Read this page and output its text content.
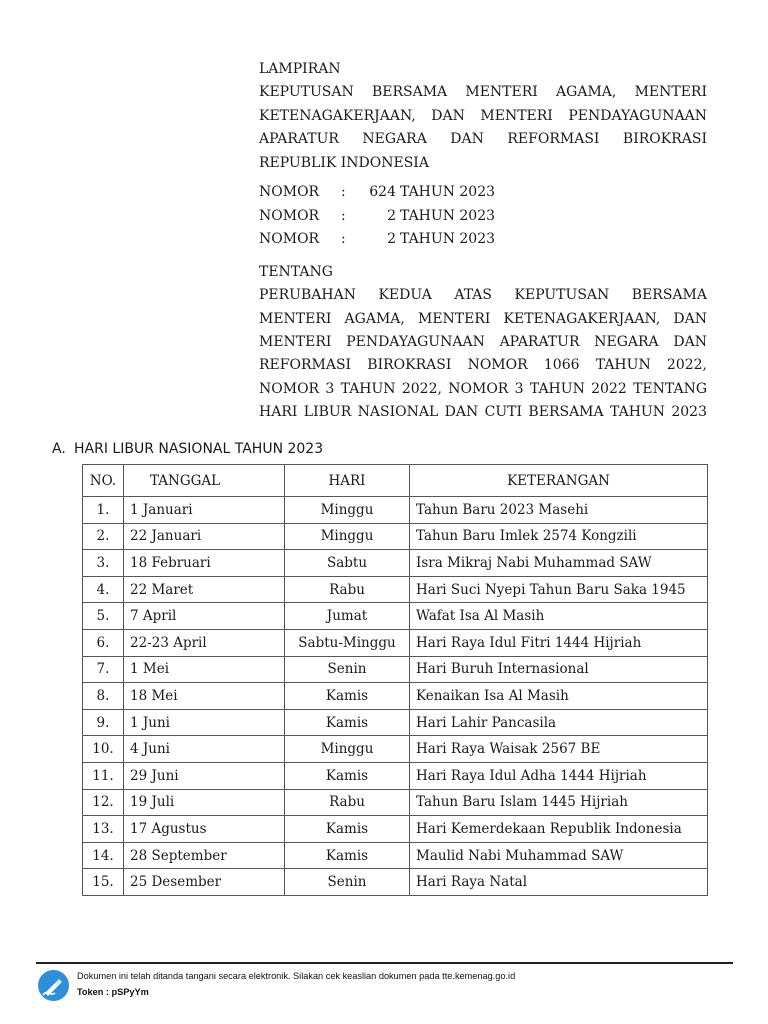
LAMPIRAN
KEPUTUSAN BERSAMA MENTERI AGAMA, MENTERI
KETENAGAKERJAAN, DAN MENTERI PENDAYAGUNAAN
APARATUR NEGARA DAN REFORMASI BIROKRASI
REPUBLIK INDONESIA
NOMOR	:	624 TAHUN 2023
NOMOR	:	2 TAHUN 2023
NOMOR	:	2 TAHUN 2023
TENTANG
PERUBAHAN KEDUA ATAS KEPUTUSAN BERSAMA
MENTERI AGAMA, MENTERI KETENAGAKERJAAN, DAN
MENTERI PENDAYAGUNAAN APARATUR NEGARA DAN
REFORMASI BIROKRASI NOMOR 1066 TAHUN 2022,
NOMOR 3 TAHUN 2022, NOMOR 3 TAHUN 2022 TENTANG
HARI LIBUR NASIONAL DAN CUTI BERSAMA TAHUN 2023
A. HARI LIBUR NASIONAL TAHUN 2023
NO.	TANGGAL	HARI	KETERANGAN
1.	1 Januari	Minggu	Tahun Baru 2023 Masehi
2.	22 Januari	Minggu	Tahun Baru Imlek 2574 Kongzili
3.	18 Februari	Sabtu	Isra Mikraj Nabi Muhammad SAW
4.	22 Maret	Rabu	Hari Suci Nyepi Tahun Baru Saka 1945
5.	7 April	Jumat	Wafat Isa Al Masih
6.	22-23 April	Sabtu-Minggu	Hari Raya Idul Fitri 1444 Hijriah
7.	1 Mei	Senin	Hari Buruh Internasional
8.	18 Mei	Kamis	Kenaikan Isa Al Masih
9.	1 Juni	Kamis	Hari Lahir Pancasila
10.	4 Juni	Minggu	Hari Raya Waisak 2567 BE
11.	29 Juni	Kamis	Hari Raya Idul Adha 1444 Hijriah
12.	19 Juli	Rabu	Tahun Baru Islam 1445 Hijriah
13.	17 Agustus	Kamis	Hari Kemerdekaan Republik Indonesia
14.	28 September	Kamis	Maulid Nabi Muhammad SAW
15.	25 Desember	Senin	Hari Raya Natal
Dokumen ini telah ditanda tangani secara elektronik. Silakan cek keaslian dokumen pada tte.kemenag.go.id
Token : pSPyYm
